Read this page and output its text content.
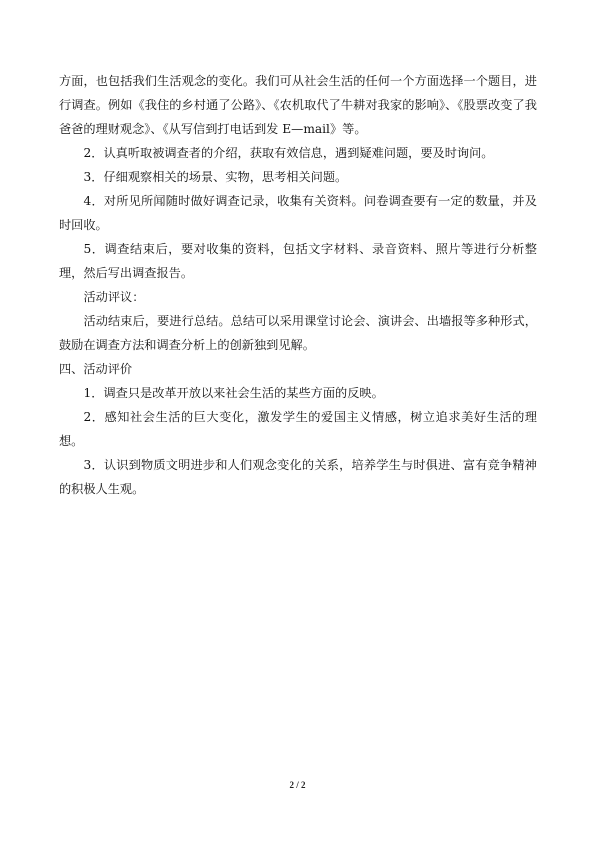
方面，也包括我们生活观念的变化。我们可从社会生活的任何一个方面选择一个题目，进行调查。例如《我住的乡村通了公路》、《农机取代了牛耕对我家的影响》、《股票改变了我爸爸的理财观念》、《从写信到打电话到发 E—mail》等。

2．认真听取被调查者的介绍，获取有效信息，遇到疑难问题，要及时询问。

3．仔细观察相关的场景、实物，思考相关问题。

4．对所见所闻随时做好调查记录，收集有关资料。问卷调查要有一定的数量，并及时回收。

5．调查结束后，要对收集的资料，包括文字材料、录音资料、照片等进行分析整理，然后写出调查报告。

活动评议：

活动结束后，要进行总结。总结可以采用课堂讨论会、演讲会、出墙报等多种形式，鼓励在调查方法和调查分析上的创新独到见解。

四、活动评价

1．调查只是改革开放以来社会生活的某些方面的反映。

2．感知社会生活的巨大变化，激发学生的爱国主义情感，树立追求美好生活的理想。

3．认识到物质文明进步和人们观念变化的关系，培养学生与时俱进、富有竞争精神的积极人生观。

2 / 2
